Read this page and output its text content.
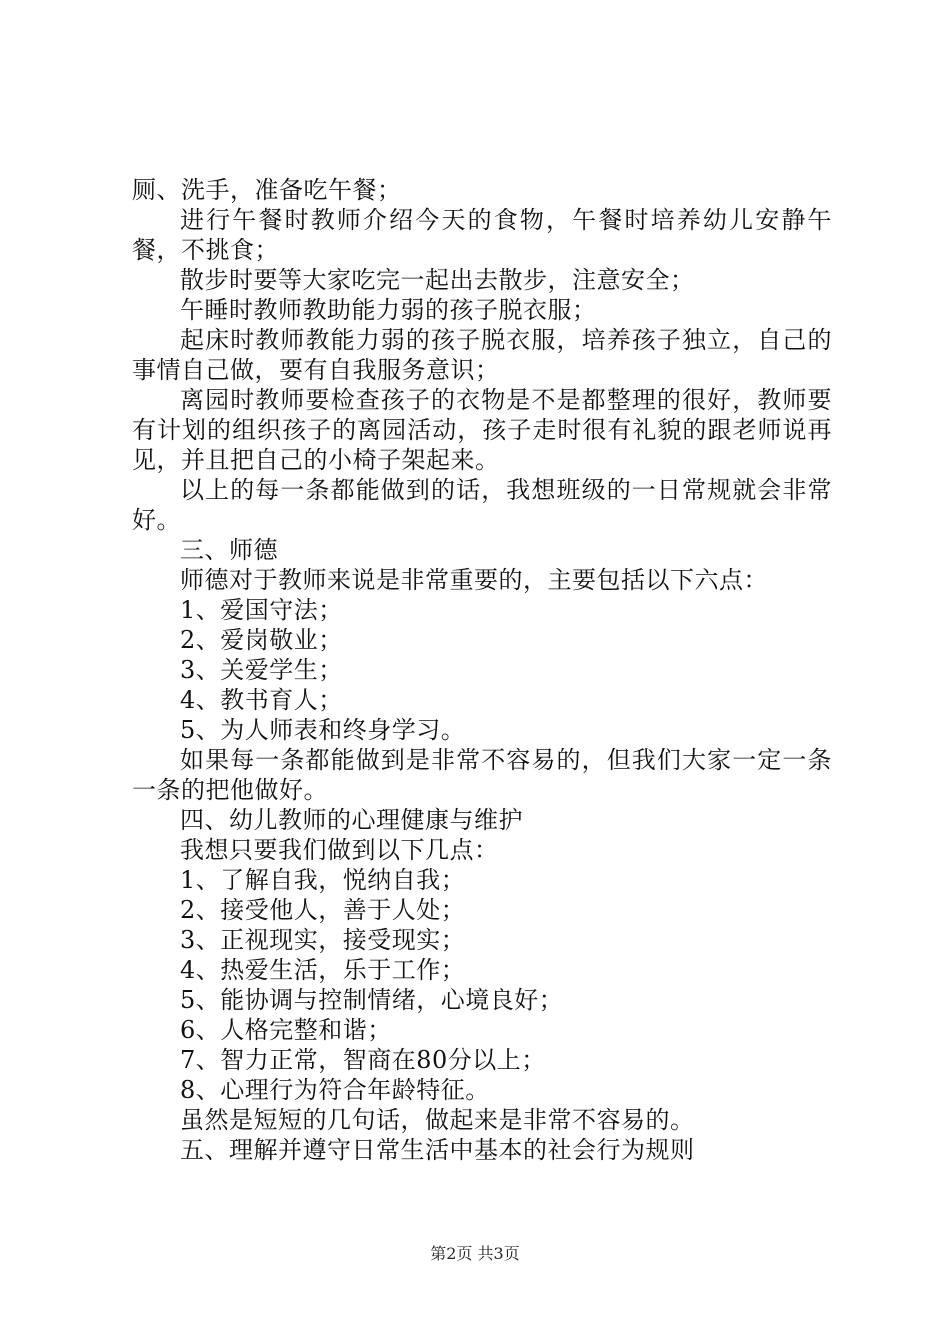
厕、洗手，准备吃午餐；

进行午餐时教师介绍今天的食物，午餐时培养幼儿安静午餐，不挑食；

散步时要等大家吃完一起出去散步，注意安全；

午睡时教师教助能力弱的孩子脱衣服；

起床时教师教能力弱的孩子脱衣服，培养孩子独立，自己的事情自己做，要有自我服务意识；

离园时教师要检查孩子的衣物是不是都整理的很好，教师要有计划的组织孩子的离园活动，孩子走时很有礼貌的跟老师说再见，并且把自己的小椅子架起来。

以上的每一条都能做到的话，我想班级的一日常规就会非常好。

三、师德

师德对于教师来说是非常重要的，主要包括以下六点：

1、爱国守法；

2、爱岗敬业；

3、关爱学生；

4、教书育人；

5、为人师表和终身学习。

如果每一条都能做到是非常不容易的，但我们大家一定一条一条的把他做好。

四、幼儿教师的心理健康与维护

我想只要我们做到以下几点：

1、了解自我，悦纳自我；

2、接受他人，善于人处；

3、正视现实，接受现实；

4、热爱生活，乐于工作；

5、能协调与控制情绪，心境良好；

6、人格完整和谐；

7、智力正常，智商在80分以上；

8、心理行为符合年龄特征。

虽然是短短的几句话，做起来是非常不容易的。

五、理解并遵守日常生活中基本的社会行为规则

第2页 共3页
